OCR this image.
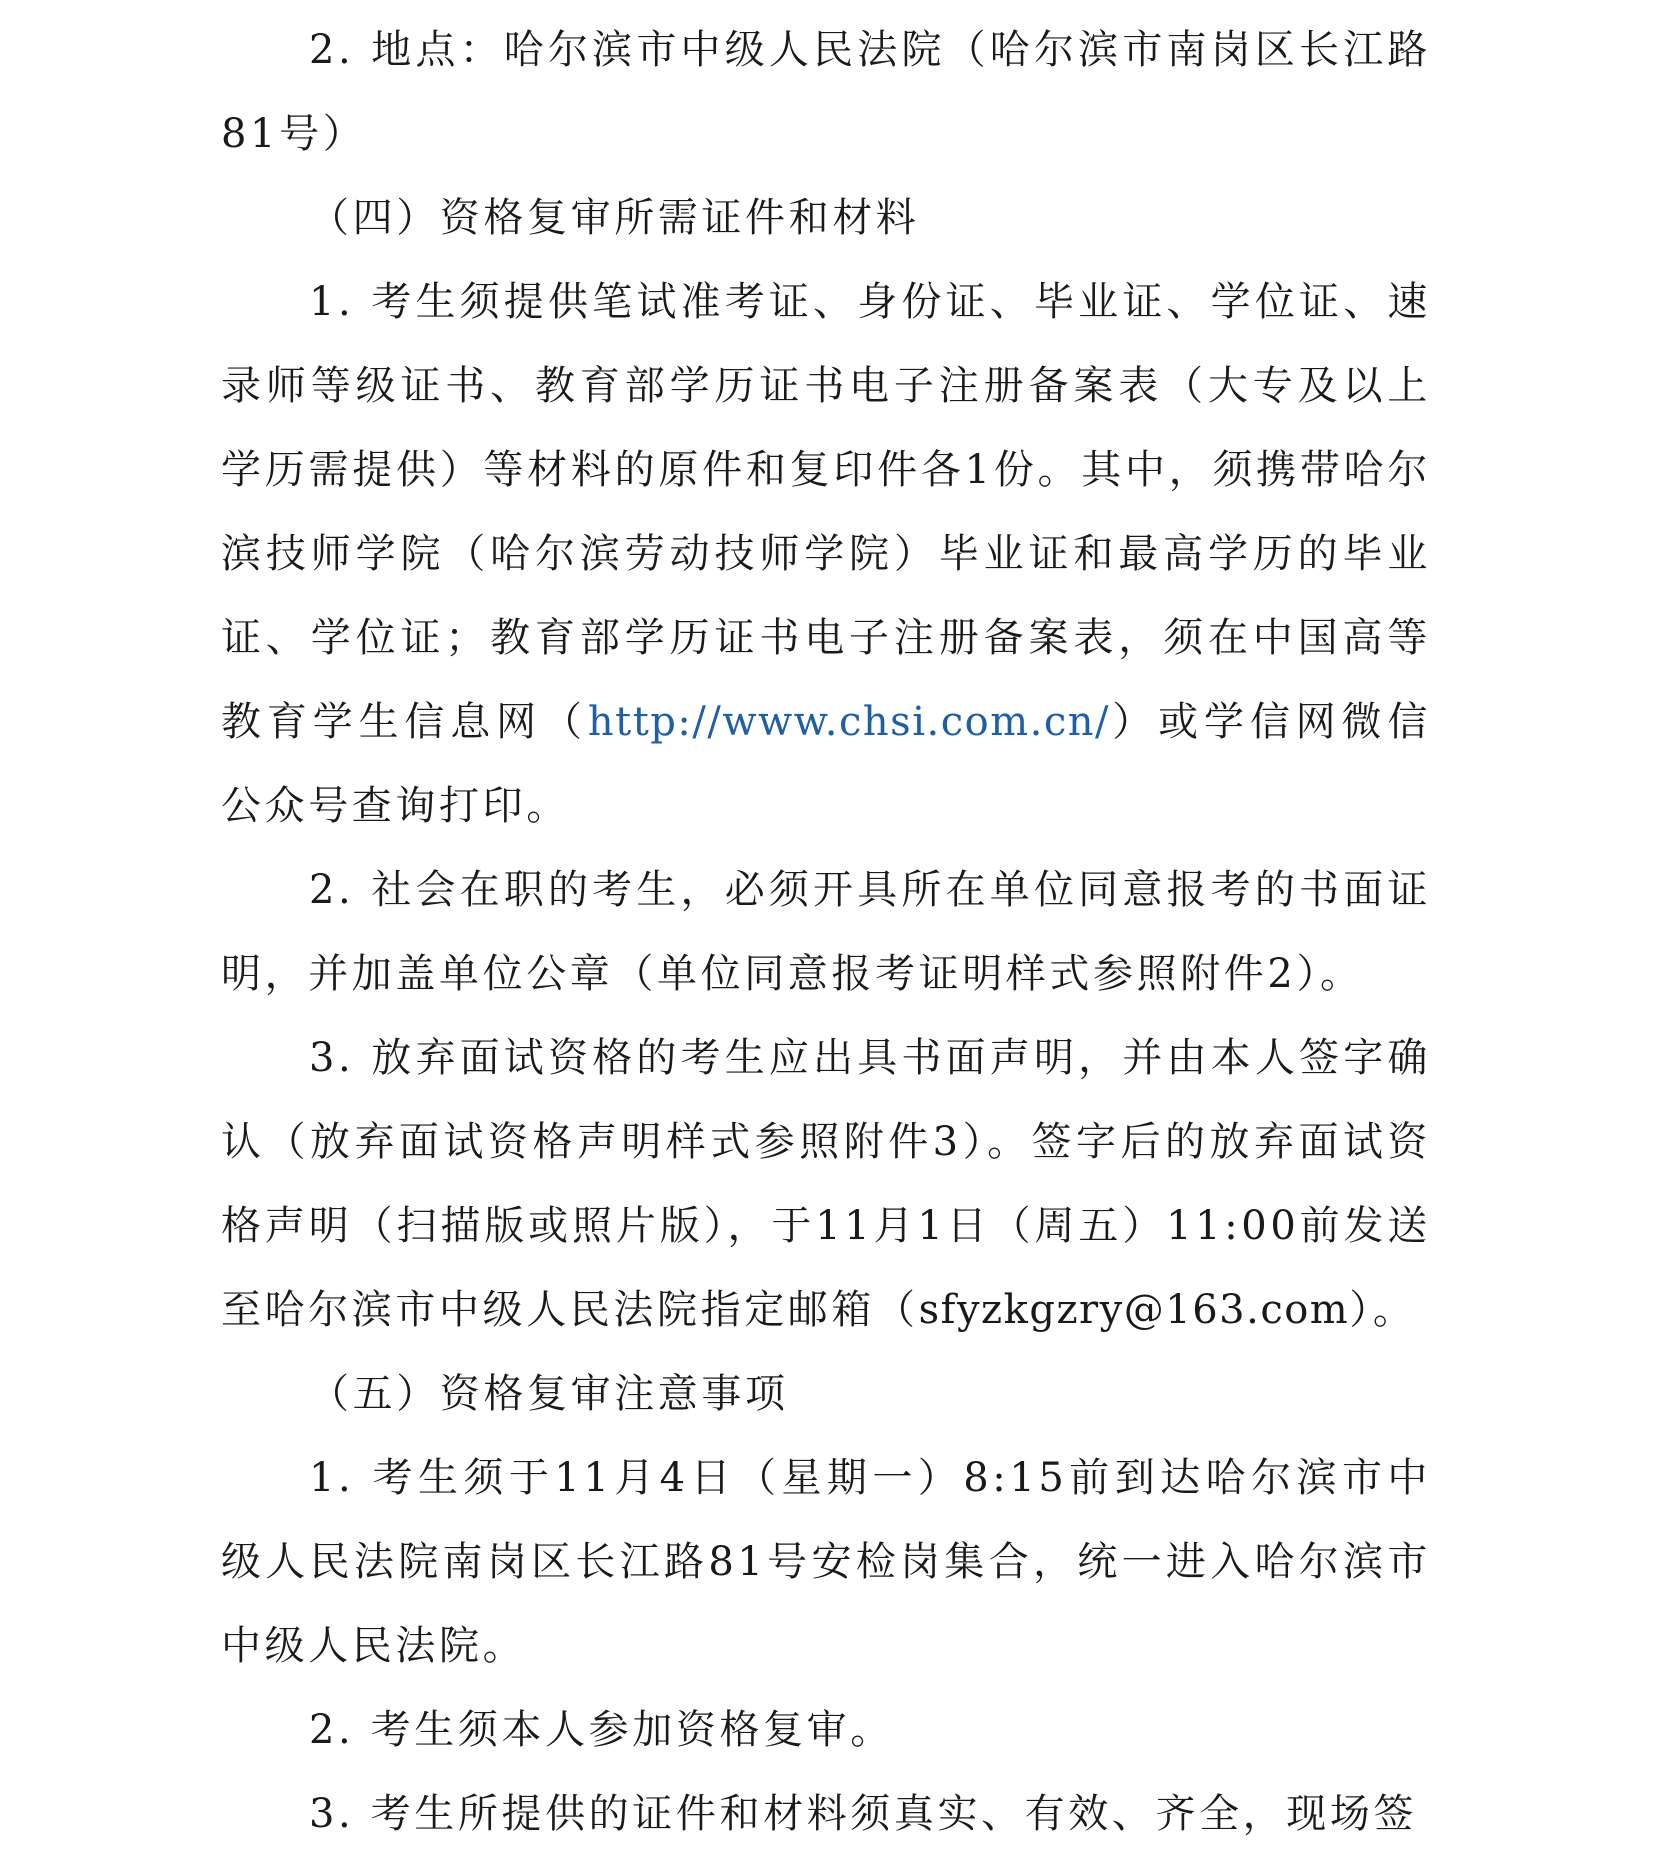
2. 地点：哈尔滨市中级人民法院（哈尔滨市南岗区长江路81号）

（四）资格复审所需证件和材料

1. 考生须提供笔试准考证、身份证、毕业证、学位证、速录师等级证书、教育部学历证书电子注册备案表（大专及以上学历需提供）等材料的原件和复印件各1份。其中，须携带哈尔滨技师学院（哈尔滨劳动技师学院）毕业证和最高学历的毕业证、学位证；教育部学历证书电子注册备案表，须在中国高等教育学生信息网（http://www.chsi.com.cn/）或学信网微信公众号查询打印。

2. 社会在职的考生，必须开具所在单位同意报考的书面证明，并加盖单位公章（单位同意报考证明样式参照附件2）。

3. 放弃面试资格的考生应出具书面声明，并由本人签字确认（放弃面试资格声明样式参照附件3）。签字后的放弃面试资格声明（扫描版或照片版），于11月1日（周五）11:00前发送至哈尔滨市中级人民法院指定邮箱（sfyzkgzry@163.com）。

（五）资格复审注意事项

1. 考生须于11月4日（星期一）8:15前到达哈尔滨市中级人民法院南岗区长江路81号安检岗集合，统一进入哈尔滨市中级人民法院。

2. 考生须本人参加资格复审。

3. 考生所提供的证件和材料须真实、有效、齐全，现场签
